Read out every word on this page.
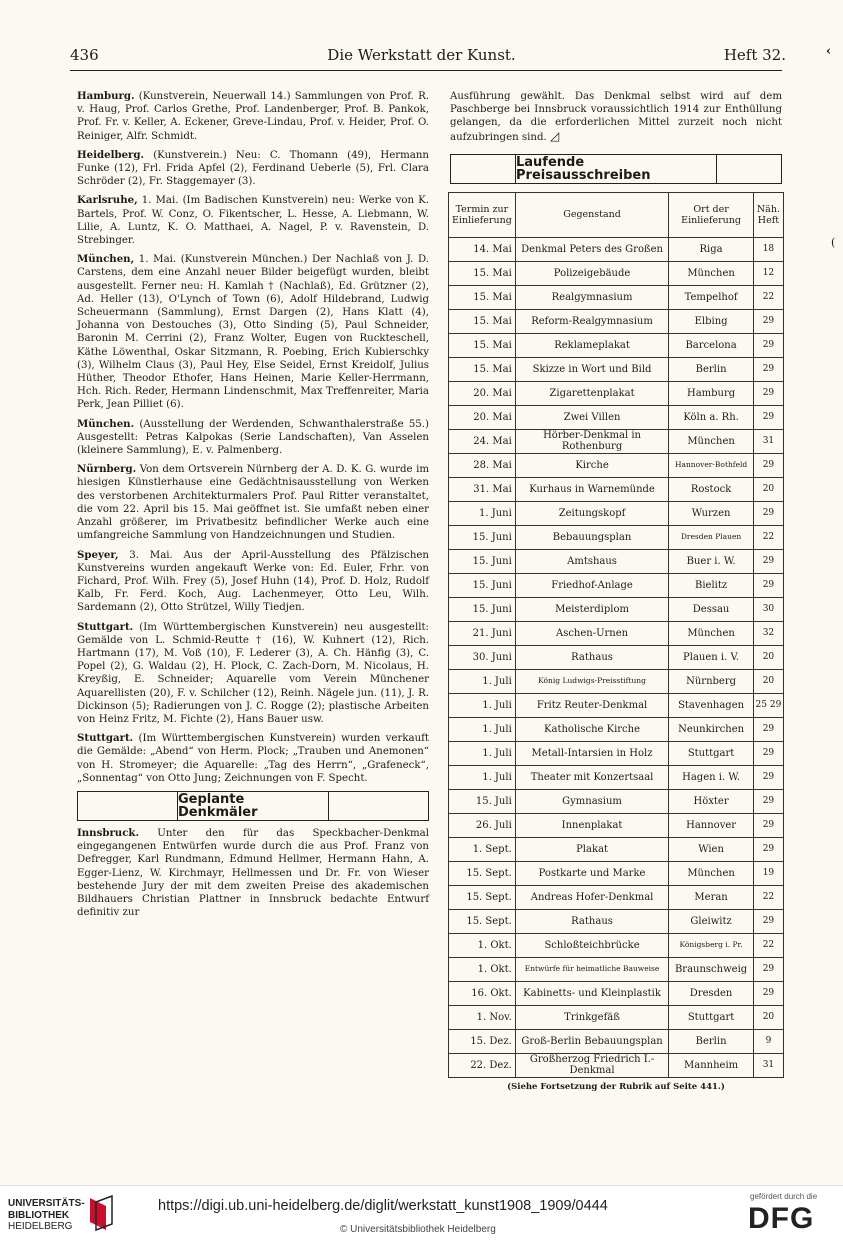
436	Die Werkstatt der Kunst.	Heft 32.	‹
(
Hamburg. (Kunstverein, Neuerwall 14.) Sammlungen von Prof. R. v. Haug, Prof. Carlos Grethe, Prof. Landenberger, Prof. B. Pankok, Prof. Fr. v. Keller, A. Eckener, Greve-Lindau, Prof. v. Heider, Prof. O. Reiniger, Alfr. Schmidt.
Heidelberg. (Kunstverein.) Neu: C. Thomann (49), Hermann Funke (12), Frl. Frida Apfel (2), Ferdinand Ueberle (5), Frl. Clara Schröder (2), Fr. Staggemayer (3).
Karlsruhe, 1. Mai. (Im Badischen Kunstverein) neu: Werke von K. Bartels, Prof. W. Conz, O. Fikentscher, L. Hesse, A. Liebmann, W. Lilie, A. Luntz, K. O. Matthaei, A. Nagel, P. v. Ravenstein, D. Strebinger.
München, 1. Mai. (Kunstverein München.) Der Nachlaß von J. D. Carstens, dem eine Anzahl neuer Bilder beigefügt wurden, bleibt ausgestellt. Ferner neu: H. Kamlah † (Nachlaß), Ed. Grützner (2), Ad. Heller (13), O'Lynch of Town (6), Adolf Hildebrand, Ludwig Scheuermann (Sammlung), Ernst Dargen (2), Hans Klatt (4), Johanna von Destouches (3), Otto Sinding (5), Paul Schneider, Baronin M. Cerrini (2), Franz Wolter, Eugen von Ruckteschell, Käthe Löwenthal, Oskar Sitzmann, R. Poebing, Erich Kubierschky (3), Wilhelm Claus (3), Paul Hey, Else Seidel, Ernst Kreidolf, Julius Hüther, Theodor Ethofer, Hans Heinen, Marie Keller-Herrmann, Hch. Rich. Reder, Hermann Lindenschmit, Max Treffenreiter, Maria Perk, Jean Pilliet (6).
München. (Ausstellung der Werdenden, Schwanthalerstraße 55.) Ausgestellt: Petras Kalpokas (Serie Landschaften), Van Asselen (kleinere Sammlung), E. v. Palmenberg.
Nürnberg. Von dem Ortsverein Nürnberg der A. D. K. G. wurde im hiesigen Künstlerhause eine Gedächtnisausstellung von Werken des verstorbenen Architekturmalers Prof. Paul Ritter veranstaltet, die vom 22. April bis 15. Mai geöffnet ist. Sie umfaßt neben einer Anzahl größerer, im Privatbesitz befindlicher Werke auch eine umfangreiche Sammlung von Handzeichnungen und Studien.
Speyer, 3. Mai. Aus der April-Ausstellung des Pfälzischen Kunstvereins wurden angekauft Werke von: Ed. Euler, Frhr. von Fichard, Prof. Wilh. Frey (5), Josef Huhn (14), Prof. D. Holz, Rudolf Kalb, Fr. Ferd. Koch, Aug. Lachenmeyer, Otto Leu, Wilh. Sardemann (2), Otto Strützel, Willy Tiedjen.
Stuttgart. (Im Württembergischen Kunstverein) neu ausgestellt: Gemälde von L. Schmid-Reutte † (16), W. Kuhnert (12), Rich. Hartmann (17), M. Voß (10), F. Lederer (3), A. Ch. Hänfig (3), C. Popel (2), G. Waldau (2), H. Plock, C. Zach-Dorn, M. Nicolaus, H. Kreyßig, E. Schneider; Aquarelle vom Verein Münchener Aquarellisten (20), F. v. Schilcher (12), Reinh. Nägele jun. (11), J. R. Dickinson (5); Radierungen von J. C. Rogge (2); plastische Arbeiten von Heinz Fritz, M. Fichte (2), Hans Bauer usw.
Stuttgart. (Im Württembergischen Kunstverein) wurden verkauft die Gemälde: „Abend“ von Herm. Plock; „Trauben und Anemonen“ von H. Stromeyer; die Aquarelle: „Tag des Herrn“, „Grafeneck“, „Sonnentag“ von Otto Jung; Zeichnungen von F. Specht.
Geplante Denkmäler
Innsbruck. Unter den für das Speckbacher-Denkmal eingegangenen Entwürfen wurde durch die aus Prof. Franz von Defregger, Karl Rundmann, Edmund Hellmer, Hermann Hahn, A. Egger-Lienz, W. Kirchmayr, Hellmessen und Dr. Fr. von Wieser bestehende Jury der mit dem zweiten Preise des akademischen Bildhauers Christian Plattner in Innsbruck bedachte Entwurf definitiv zur
Ausführung gewählt. Das Denkmal selbst wird auf dem Paschberge bei Innsbruck voraussichtlich 1914 zur Enthüllung gelangen, da die erforderlichen Mittel zurzeit noch nicht aufzubringen sind. ◿
Laufende Preisausschreiben
Termin zur Einlieferung	Gegenstand	Ort der Einlieferung	Näh. Heft
14. Mai	Denkmal Peters des Großen	Riga	18
15. Mai	Polizeigebäude	München	12
15. Mai	Realgymnasium	Tempelhof	22
15. Mai	Reform-Realgymnasium	Elbing	29
15. Mai	Reklameplakat	Barcelona	29
15. Mai	Skizze in Wort und Bild	Berlin	29
20. Mai	Zigarettenplakat	Hamburg	29
20. Mai	Zwei Villen	Köln a. Rh.	29
24. Mai	Hörber-Denkmal in Rothenburg	München	31
28. Mai	Kirche	Hannover-Bothfeld	29
31. Mai	Kurhaus in Warnemünde	Rostock	20
1. Juni	Zeitungskopf	Wurzen	29
15. Juni	Bebauungsplan	Dresden Plauen	22
15. Juni	Amtshaus	Buer i. W.	29
15. Juni	Friedhof-Anlage	Bielitz	29
15. Juni	Meisterdiplom	Dessau	30
21. Juni	Aschen-Urnen	München	32
30. Juni	Rathaus	Plauen i. V.	20
1. Juli	König Ludwigs-Preisstiftung	Nürnberg	20
1. Juli	Fritz Reuter-Denkmal	Stavenhagen	25 29
1. Juli	Katholische Kirche	Neunkirchen	29
1. Juli	Metall-Intarsien in Holz	Stuttgart	29
1. Juli	Theater mit Konzertsaal	Hagen i. W.	29
15. Juli	Gymnasium	Höxter	29
26. Juli	Innenplakat	Hannover	29
1. Sept.	Plakat	Wien	29
15. Sept.	Postkarte und Marke	München	19
15. Sept.	Andreas Hofer-Denkmal	Meran	22
15. Sept.	Rathaus	Gleiwitz	29
1. Okt.	Schloßteichbrücke	Königsberg i. Pr.	22
1. Okt.	Entwürfe für heimatliche Bauweise	Braunschweig	29
16. Okt.	Kabinetts- und Kleinplastik	Dresden	29
1. Nov.	Trinkgefäß	Stuttgart	20
15. Dez.	Groß-Berlin Bebauungsplan	Berlin	9
22. Dez.	Großherzog Friedrich I.-Denkmal	Mannheim	31
(Siehe Fortsetzung der Rubrik auf Seite 441.)
UNIVERSITÄTS-
BIBLIOTHEK
HEIDELBERG
https://digi.ub.uni-heidelberg.de/diglit/werkstatt_kunst1908_1909/0444
© Universitätsbibliothek Heidelberg
gefördert durch die
DFG
